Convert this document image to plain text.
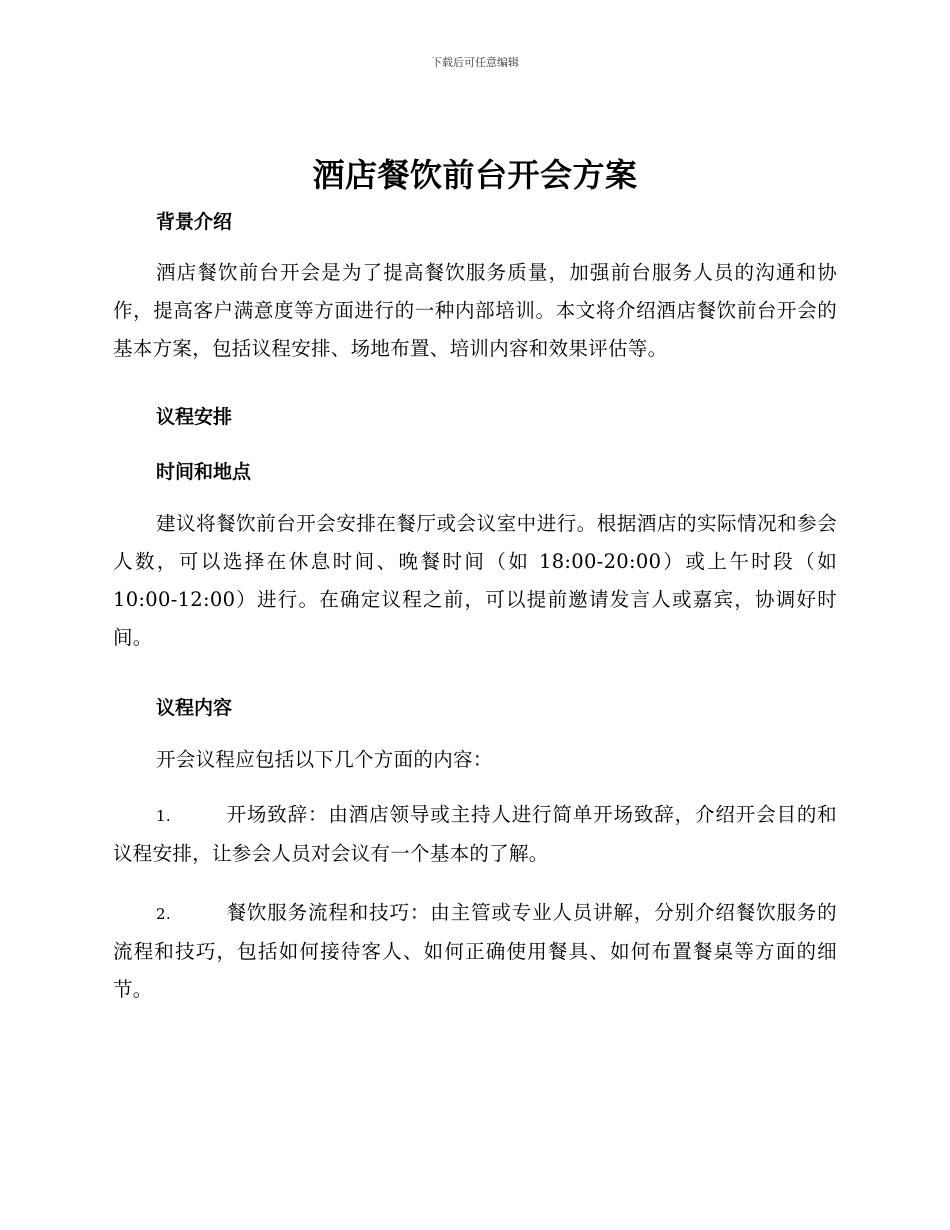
下载后可任意编辑
酒店餐饮前台开会方案
背景介绍
酒店餐饮前台开会是为了提高餐饮服务质量，加强前台服务人员的沟通和协作，提高客户满意度等方面进行的一种内部培训。本文将介绍酒店餐饮前台开会的基本方案，包括议程安排、场地布置、培训内容和效果评估等。
议程安排
时间和地点
建议将餐饮前台开会安排在餐厅或会议室中进行。根据酒店的实际情况和参会人数，可以选择在休息时间、晚餐时间（如 18:00-20:00）或上午时段（如 10:00-12:00）进行。在确定议程之前，可以提前邀请发言人或嘉宾，协调好时间。
议程内容
开会议程应包括以下几个方面的内容：
1.	开场致辞：由酒店领导或主持人进行简单开场致辞，介绍开会目的和议程安排，让参会人员对会议有一个基本的了解。
2.	餐饮服务流程和技巧：由主管或专业人员讲解，分别介绍餐饮服务的流程和技巧，包括如何接待客人、如何正确使用餐具、如何布置餐桌等方面的细节。
